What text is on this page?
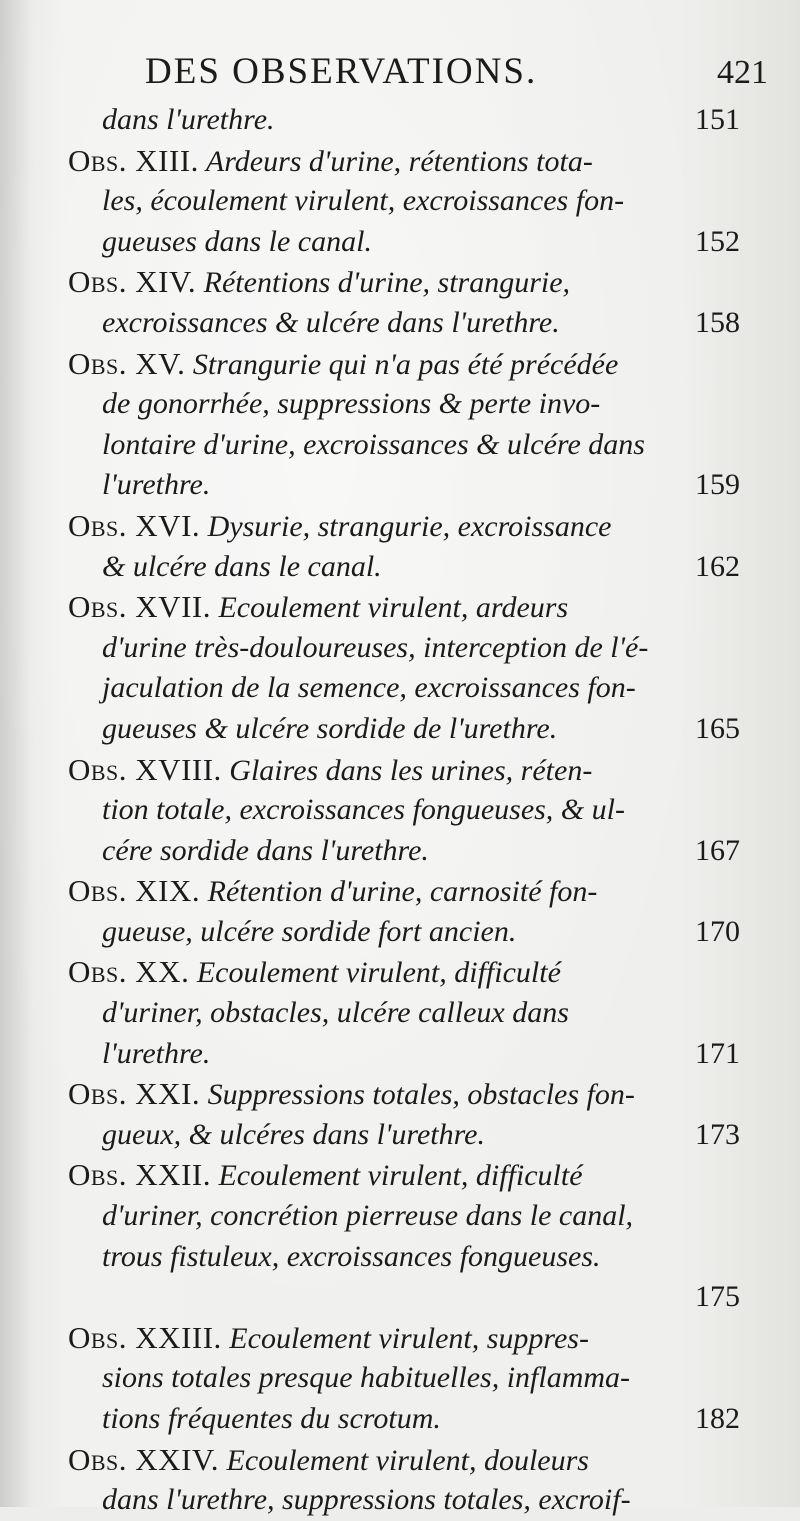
DES OBSERVATIONS.	421
dans l'urethre.	151
Obs. XIII. Ardeurs d'urine, rétentions tota-
les, écoulement virulent, excroissances fon-
gueuses dans le canal.	152
Obs. XIV. Rétentions d'urine, strangurie,
excroissances & ulcére dans l'urethre.	158
Obs. XV. Strangurie qui n'a pas été précédée
de gonorrhée, suppressions & perte invo-
lontaire d'urine, excroissances & ulcére dans
l'urethre.	159
Obs. XVI. Dysurie, strangurie, excroissance
& ulcére dans le canal.	162
Obs. XVII. Ecoulement virulent, ardeurs
d'urine très-douloureuses, interception de l'é-
jaculation de la semence, excroissances fon-
gueuses & ulcére sordide de l'urethre.	165
Obs. XVIII. Glaires dans les urines, réten-
tion totale, excroissances fongueuses, & ul-
cére sordide dans l'urethre.	167
Obs. XIX. Rétention d'urine, carnosité fon-
gueuse, ulcére sordide fort ancien.	170
Obs. XX. Ecoulement virulent, difficulté
d'uriner, obstacles, ulcére calleux dans
l'urethre.	171
Obs. XXI. Suppressions totales, obstacles fon-
gueux, & ulcéres dans l'urethre.	173
Obs. XXII. Ecoulement virulent, difficulté
d'uriner, concrétion pierreuse dans le canal,
trous fistuleux, excroissances fongueuses.
175
Obs. XXIII. Ecoulement virulent, suppres-
sions totales presque habituelles, inflamma-
tions fréquentes du scrotum.	182
Obs. XXIV. Ecoulement virulent, douleurs
dans l'urethre, suppressions totales, excroif-
